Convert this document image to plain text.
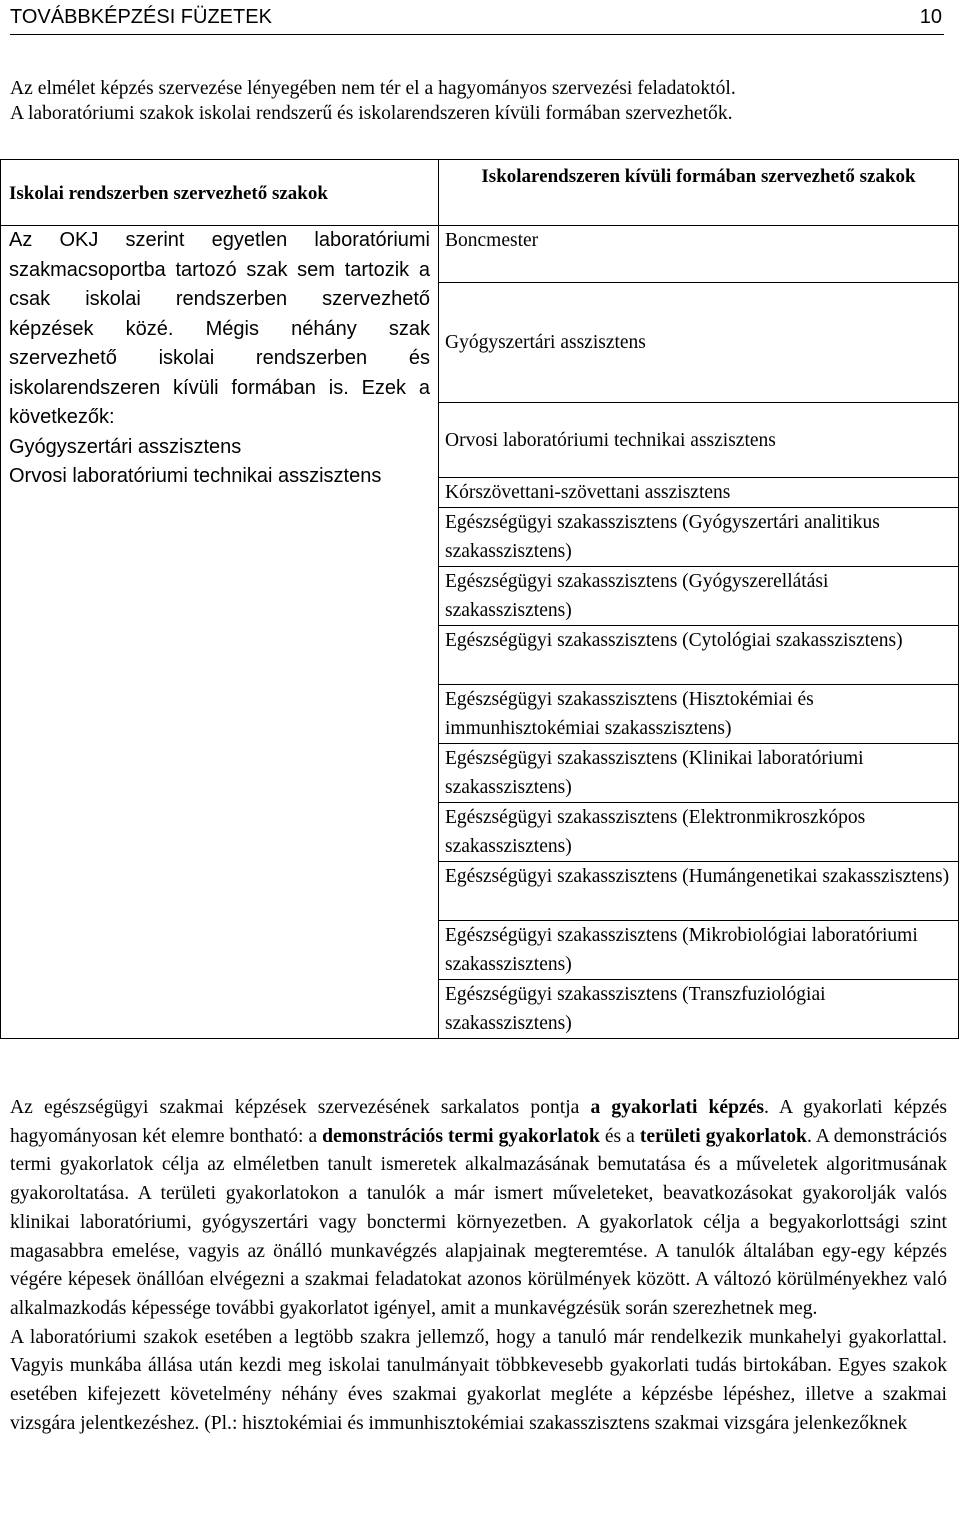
TOVÁBBKÉPZÉSI FÜZETEK	10

Az elmélet képzés szervezése lényegében nem tér el a hagyományos szervezési feladatoktól.

A laboratóriumi szakok iskolai rendszerű és iskolarendszeren kívüli formában szervezhetők.

Iskolai rendszerben szervezhető szakok	Iskolarendszeren kívüli formában szervezhető szakok

Az OKJ szerint egyetlen laboratóriumi szakmacsoportba tartozó szak sem tartozik a csak iskolai rendszerben szervezhető képzések közé. Mégis néhány szak szervezhető iskolai rendszerben és iskolarendszeren kívüli formában is. Ezek a következők:
Gyógyszertári asszisztens
Orvosi laboratóriumi technikai asszisztens	Boncmester
	Gyógyszertári asszisztens
	Orvosi laboratóriumi technikai asszisztens
	Kórszövettani-szövettani asszisztens
	Egészségügyi szakasszisztens (Gyógyszertári analitikus szakasszisztens)
	Egészségügyi szakasszisztens (Gyógyszerellátási szakasszisztens)
	Egészségügyi szakasszisztens (Cytológiai szakasszisztens)
	Egészségügyi szakasszisztens (Hisztokémiai és immunhisztokémiai szakasszisztens)
	Egészségügyi szakasszisztens (Klinikai laboratóriumi szakasszisztens)
	Egészségügyi szakasszisztens (Elektronmikroszkópos szakasszisztens)
	Egészségügyi szakasszisztens (Humángenetikai szakasszisztens)
	Egészségügyi szakasszisztens (Mikrobiológiai laboratóriumi szakasszisztens)
	Egészségügyi szakasszisztens (Transzfuziológiai szakasszisztens)

Az egészségügyi szakmai képzések szervezésének sarkalatos pontja a gyakorlati képzés. A gyakorlati képzés hagyományosan két elemre bontható: a demonstrációs termi gyakorlatok és a területi gyakorlatok. A demonstrációs termi gyakorlatok célja az elméletben tanult ismeretek alkalmazásának bemutatása és a műveletek algoritmusának gyakoroltatása. A területi gyakorlatokon a tanulók a már ismert műveleteket, beavatkozásokat gyakorolják valós klinikai laboratóriumi, gyógyszertári vagy bonctermi környezetben. A gyakorlatok célja a begyakorlottsági szint magasabbra emelése, vagyis az önálló munkavégzés alapjainak megteremtése. A tanulók általában egy-egy képzés végére képesek önállóan elvégezni a szakmai feladatokat azonos körülmények között. A változó körülményekhez való alkalmazkodás képessége további gyakorlatot igényel, amit a munkavégzésük során szerezhetnek meg.

A laboratóriumi szakok esetében a legtöbb szakra jellemző, hogy a tanuló már rendelkezik munkahelyi gyakorlattal. Vagyis munkába állása után kezdi meg iskolai tanulmányait többkevesebb gyakorlati tudás birtokában. Egyes szakok esetében kifejezett követelmény néhány éves szakmai gyakorlat megléte a képzésbe lépéshez, illetve a szakmai vizsgára jelentkezéshez. (Pl.: hisztokémiai és immunhisztokémiai szakasszisztens szakmai vizsgára jelenkezőknek
